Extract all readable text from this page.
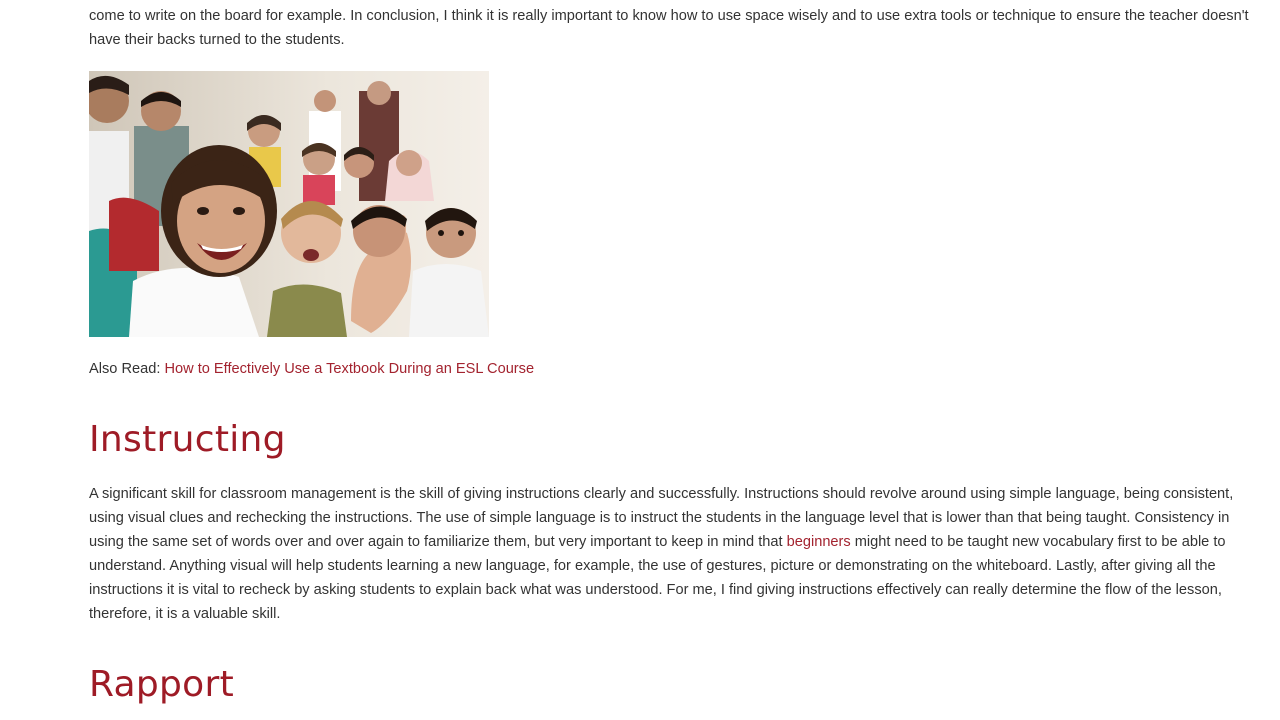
come to write on the board for example. In conclusion, I think it is really important to know how to use space wisely and to use extra tools or technique to ensure the teacher doesn't have their backs turned to the students.

Also Read: How to Effectively Use a Textbook During an ESL Course

Instructing

A significant skill for classroom management is the skill of giving instructions clearly and successfully. Instructions should revolve around using simple language, being consistent, using visual clues and rechecking the instructions. The use of simple language is to instruct the students in the language level that is lower than that being taught. Consistency in using the same set of words over and over again to familiarize them, but very important to keep in mind that beginners might need to be taught new vocabulary first to be able to understand. Anything visual will help students learning a new language, for example, the use of gestures, picture or demonstrating on the whiteboard. Lastly, after giving all the instructions it is vital to recheck by asking students to explain back what was understood. For me, I find giving instructions effectively can really determine the flow of the lesson, therefore, it is a valuable skill.

Rapport
